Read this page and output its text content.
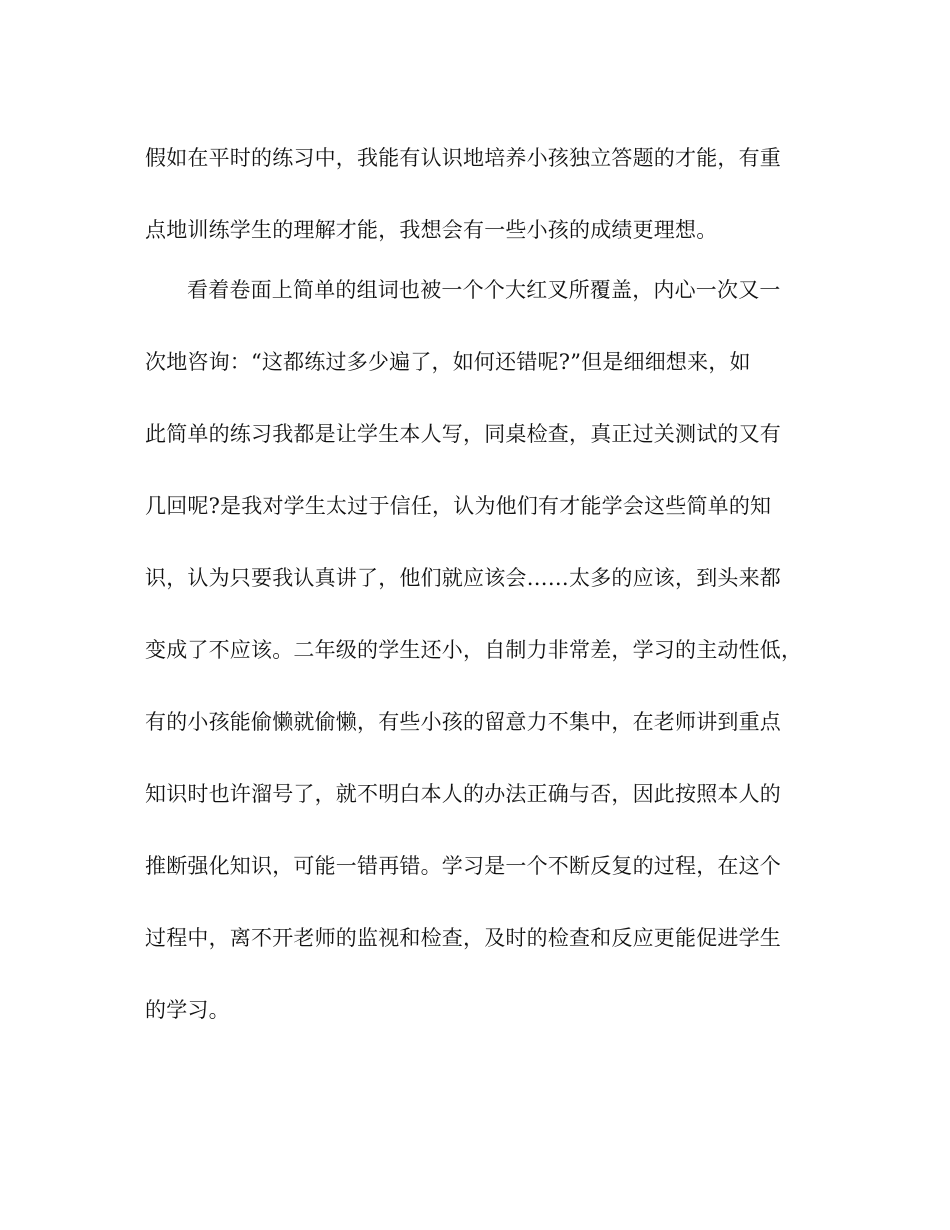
假如在平时的练习中，我能有认识地培养小孩独立答题的才能，有重
点地训练学生的理解才能，我想会有一些小孩的成绩更理想。
看着卷面上简单的组词也被一个个大红叉所覆盖，内心一次又一
次地咨询：“这都练过多少遍了，如何还错呢?”但是细细想来，如
此简单的练习我都是让学生本人写，同桌检查，真正过关测试的又有
几回呢?是我对学生太过于信任，认为他们有才能学会这些简单的知
识，认为只要我认真讲了，他们就应该会……太多的应该，到头来都
变成了不应该。二年级的学生还小，自制力非常差，学习的主动性低，
有的小孩能偷懒就偷懒，有些小孩的留意力不集中，在老师讲到重点
知识时也许溜号了，就不明白本人的办法正确与否，因此按照本人的
推断强化知识，可能一错再错。学习是一个不断反复的过程，在这个
过程中，离不开老师的监视和检查，及时的检查和反应更能促进学生
的学习。
